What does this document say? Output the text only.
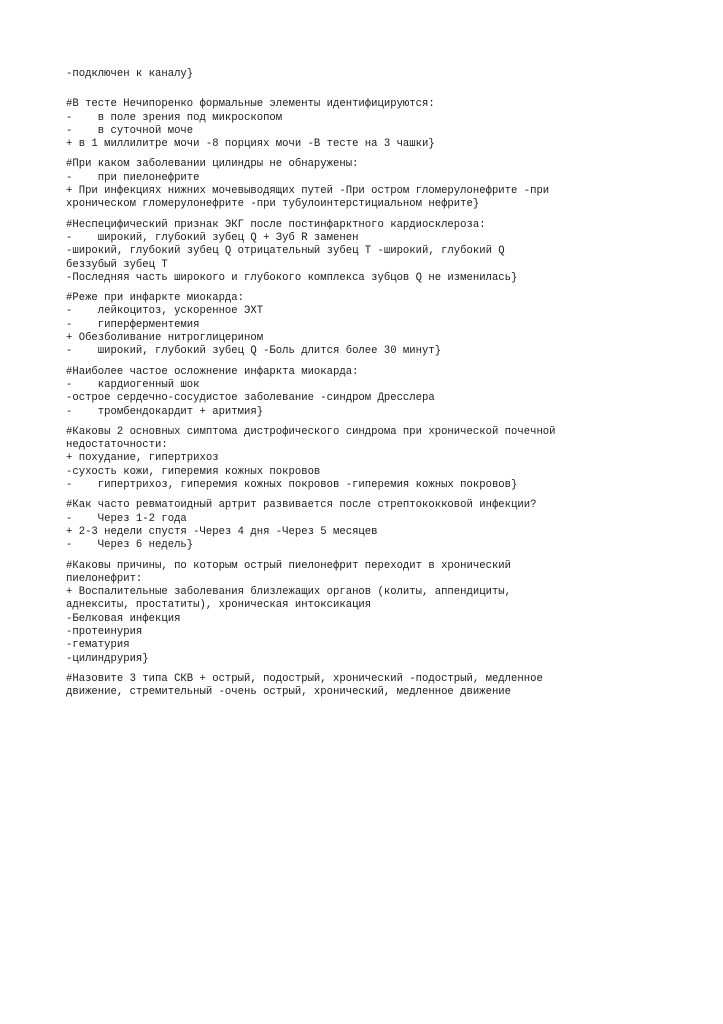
-подключен к каналу}
#В тесте Нечипоренко формальные элементы идентифицируются:
-    в поле зрения под микроскопом
-    в суточной моче
+ в 1 миллилитре мочи -8 порциях мочи -В тесте на 3 чашки}
#При каком заболевании цилиндры не обнаружены:
-    при пиелонефрите
+ При инфекциях нижних мочевыводящих путей -При остром гломерулонефрите -при
хроническом гломерулонефрите -при тубулоинтерстициальном нефрите}
#Неспецифический признак ЭКГ после постинфарктного кардиосклероза:
-    широкий, глубокий зубец Q + Зуб R заменен
-широкий, глубокий зубец Q отрицательный зубец T -широкий, глубокий Q
беззубый зубец T
-Последняя часть широкого и глубокого комплекса зубцов Q не изменилась}
#Реже при инфаркте миокарда:
-    лейкоцитоз, ускоренное ЭХТ
-    гиперферментемия
+ Обезболивание нитроглицерином
-    широкий, глубокий зубец Q -Боль длится более 30 минут}
#Наиболее частое осложнение инфаркта миокарда:
-    кардиогенный шок
-острое сердечно-сосудистое заболевание -синдром Дресслера
-    тромбендокардит + аритмия}
#Каковы 2 основных симптома дистрофического синдрома при хронической почечной
недостаточности:
+ похудание, гипертрихоз
-сухость кожи, гиперемия кожных покровов
-    гипертрихоз, гиперемия кожных покровов -гиперемия кожных покровов}
#Как часто ревматоидный артрит развивается после стрептококковой инфекции?
-    Через 1-2 года
+ 2-3 недели спустя -Через 4 дня -Через 5 месяцев
-    Через 6 недель}
#Каковы причины, по которым острый пиелонефрит переходит в хронический
пиелонефрит:
+ Воспалительные заболевания близлежащих органов (колиты, аппендициты,
аднекситы, простатиты), хроническая интоксикация
-Белковая инфекция
-протеинурия
-гематурия
-цилиндрурия}
#Назовите 3 типа СКВ + острый, подострый, хронический -подострый, медленное
движение, стремительный -очень острый, хронический, медленное движение
